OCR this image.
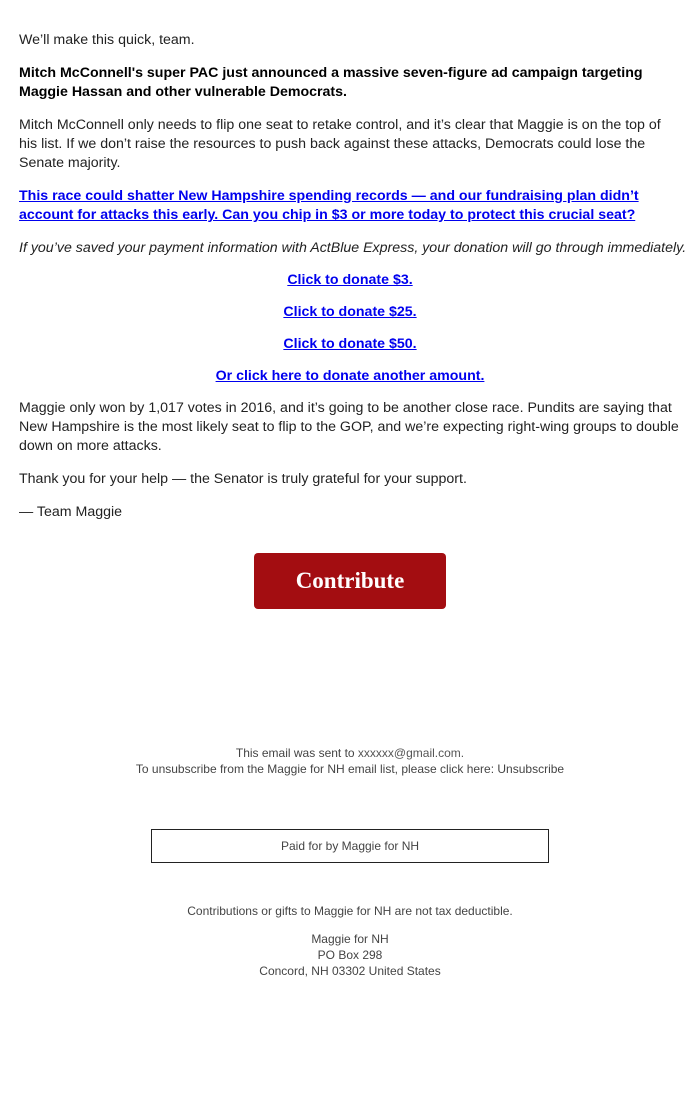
We’ll make this quick, team.

Mitch McConnell's super PAC just announced a massive seven-figure ad campaign targeting Maggie Hassan and other vulnerable Democrats.

Mitch McConnell only needs to flip one seat to retake control, and it’s clear that Maggie is on the top of his list. If we don’t raise the resources to push back against these attacks, Democrats could lose the Senate majority.

This race could shatter New Hampshire spending records — and our fundraising plan didn’t account for attacks this early. Can you chip in $3 or more today to protect this crucial seat?

If you’ve saved your payment information with ActBlue Express, your donation will go through immediately.

Click to donate $3.

Click to donate $25.

Click to donate $50.

Or click here to donate another amount.

Maggie only won by 1,017 votes in 2016, and it’s going to be another close race. Pundits are saying that New Hampshire is the most likely seat to flip to the GOP, and we’re expecting right-wing groups to double down on more attacks.

Thank you for your help — the Senator is truly grateful for your support.

— Team Maggie

Contribute
This email was sent to xxxxxx@gmail.com.
To unsubscribe from the Maggie for NH email list, please click here: Unsubscribe
Paid for by Maggie for NH
Contributions or gifts to Maggie for NH are not tax deductible.
Maggie for NH
PO Box 298
Concord, NH 03302 United States
